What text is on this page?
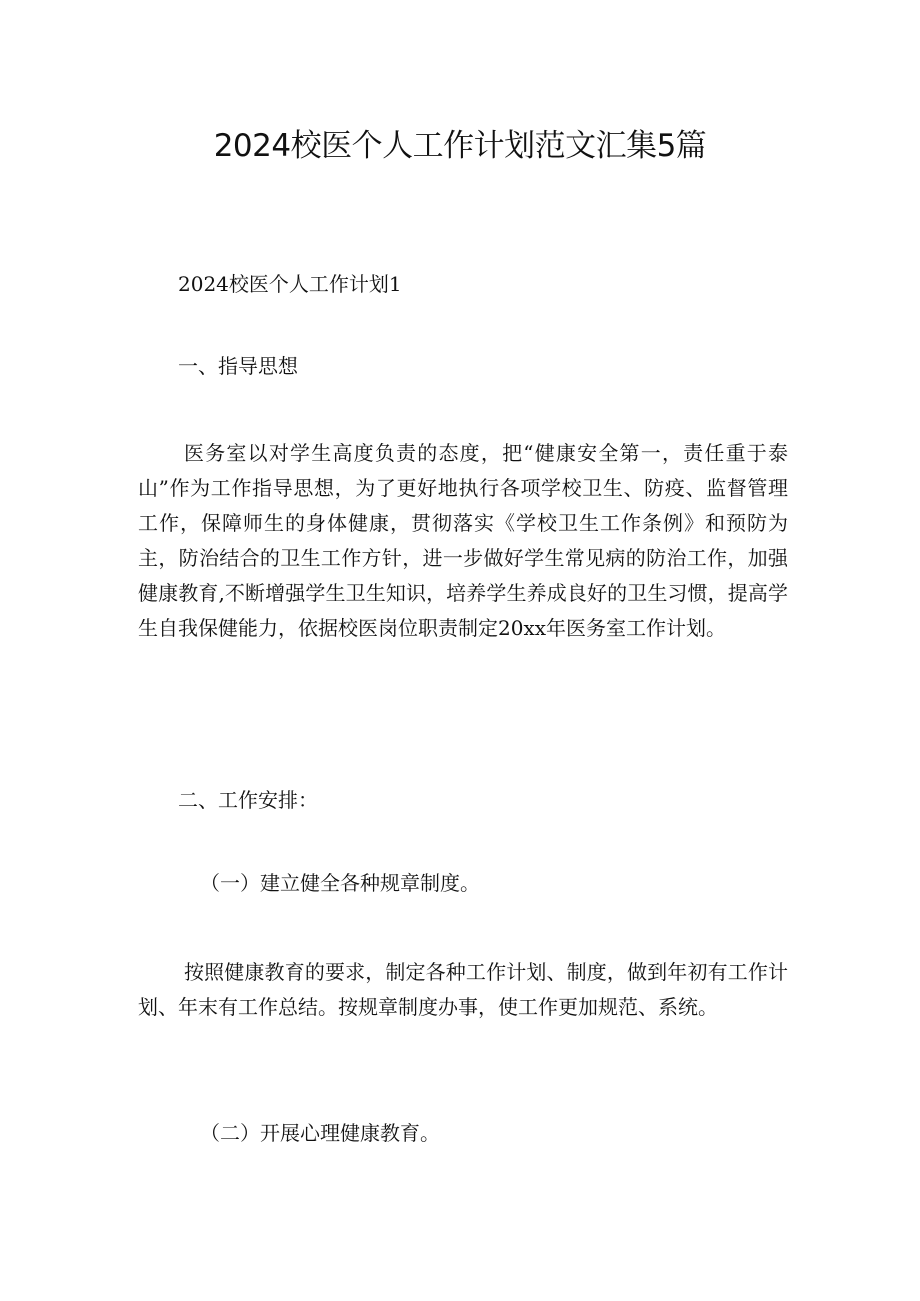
2024校医个人工作计划范文汇集5篇

2024校医个人工作计划1

一、指导思想

医务室以对学生高度负责的态度，把“健康安全第一，责任重于泰山”作为工作指导思想，为了更好地执行各项学校卫生、防疫、监督管理工作，保障师生的身体健康，贯彻落实《学校卫生工作条例》和预防为主，防治结合的卫生工作方针，进一步做好学生常见病的防治工作，加强健康教育,不断增强学生卫生知识，培养学生养成良好的卫生习惯，提高学生自我保健能力，依据校医岗位职责制定20xx年医务室工作计划。

二、工作安排：

（一）建立健全各种规章制度。

按照健康教育的要求，制定各种工作计划、制度，做到年初有工作计划、年末有工作总结。按规章制度办事，使工作更加规范、系统。

（二）开展心理健康教育。
